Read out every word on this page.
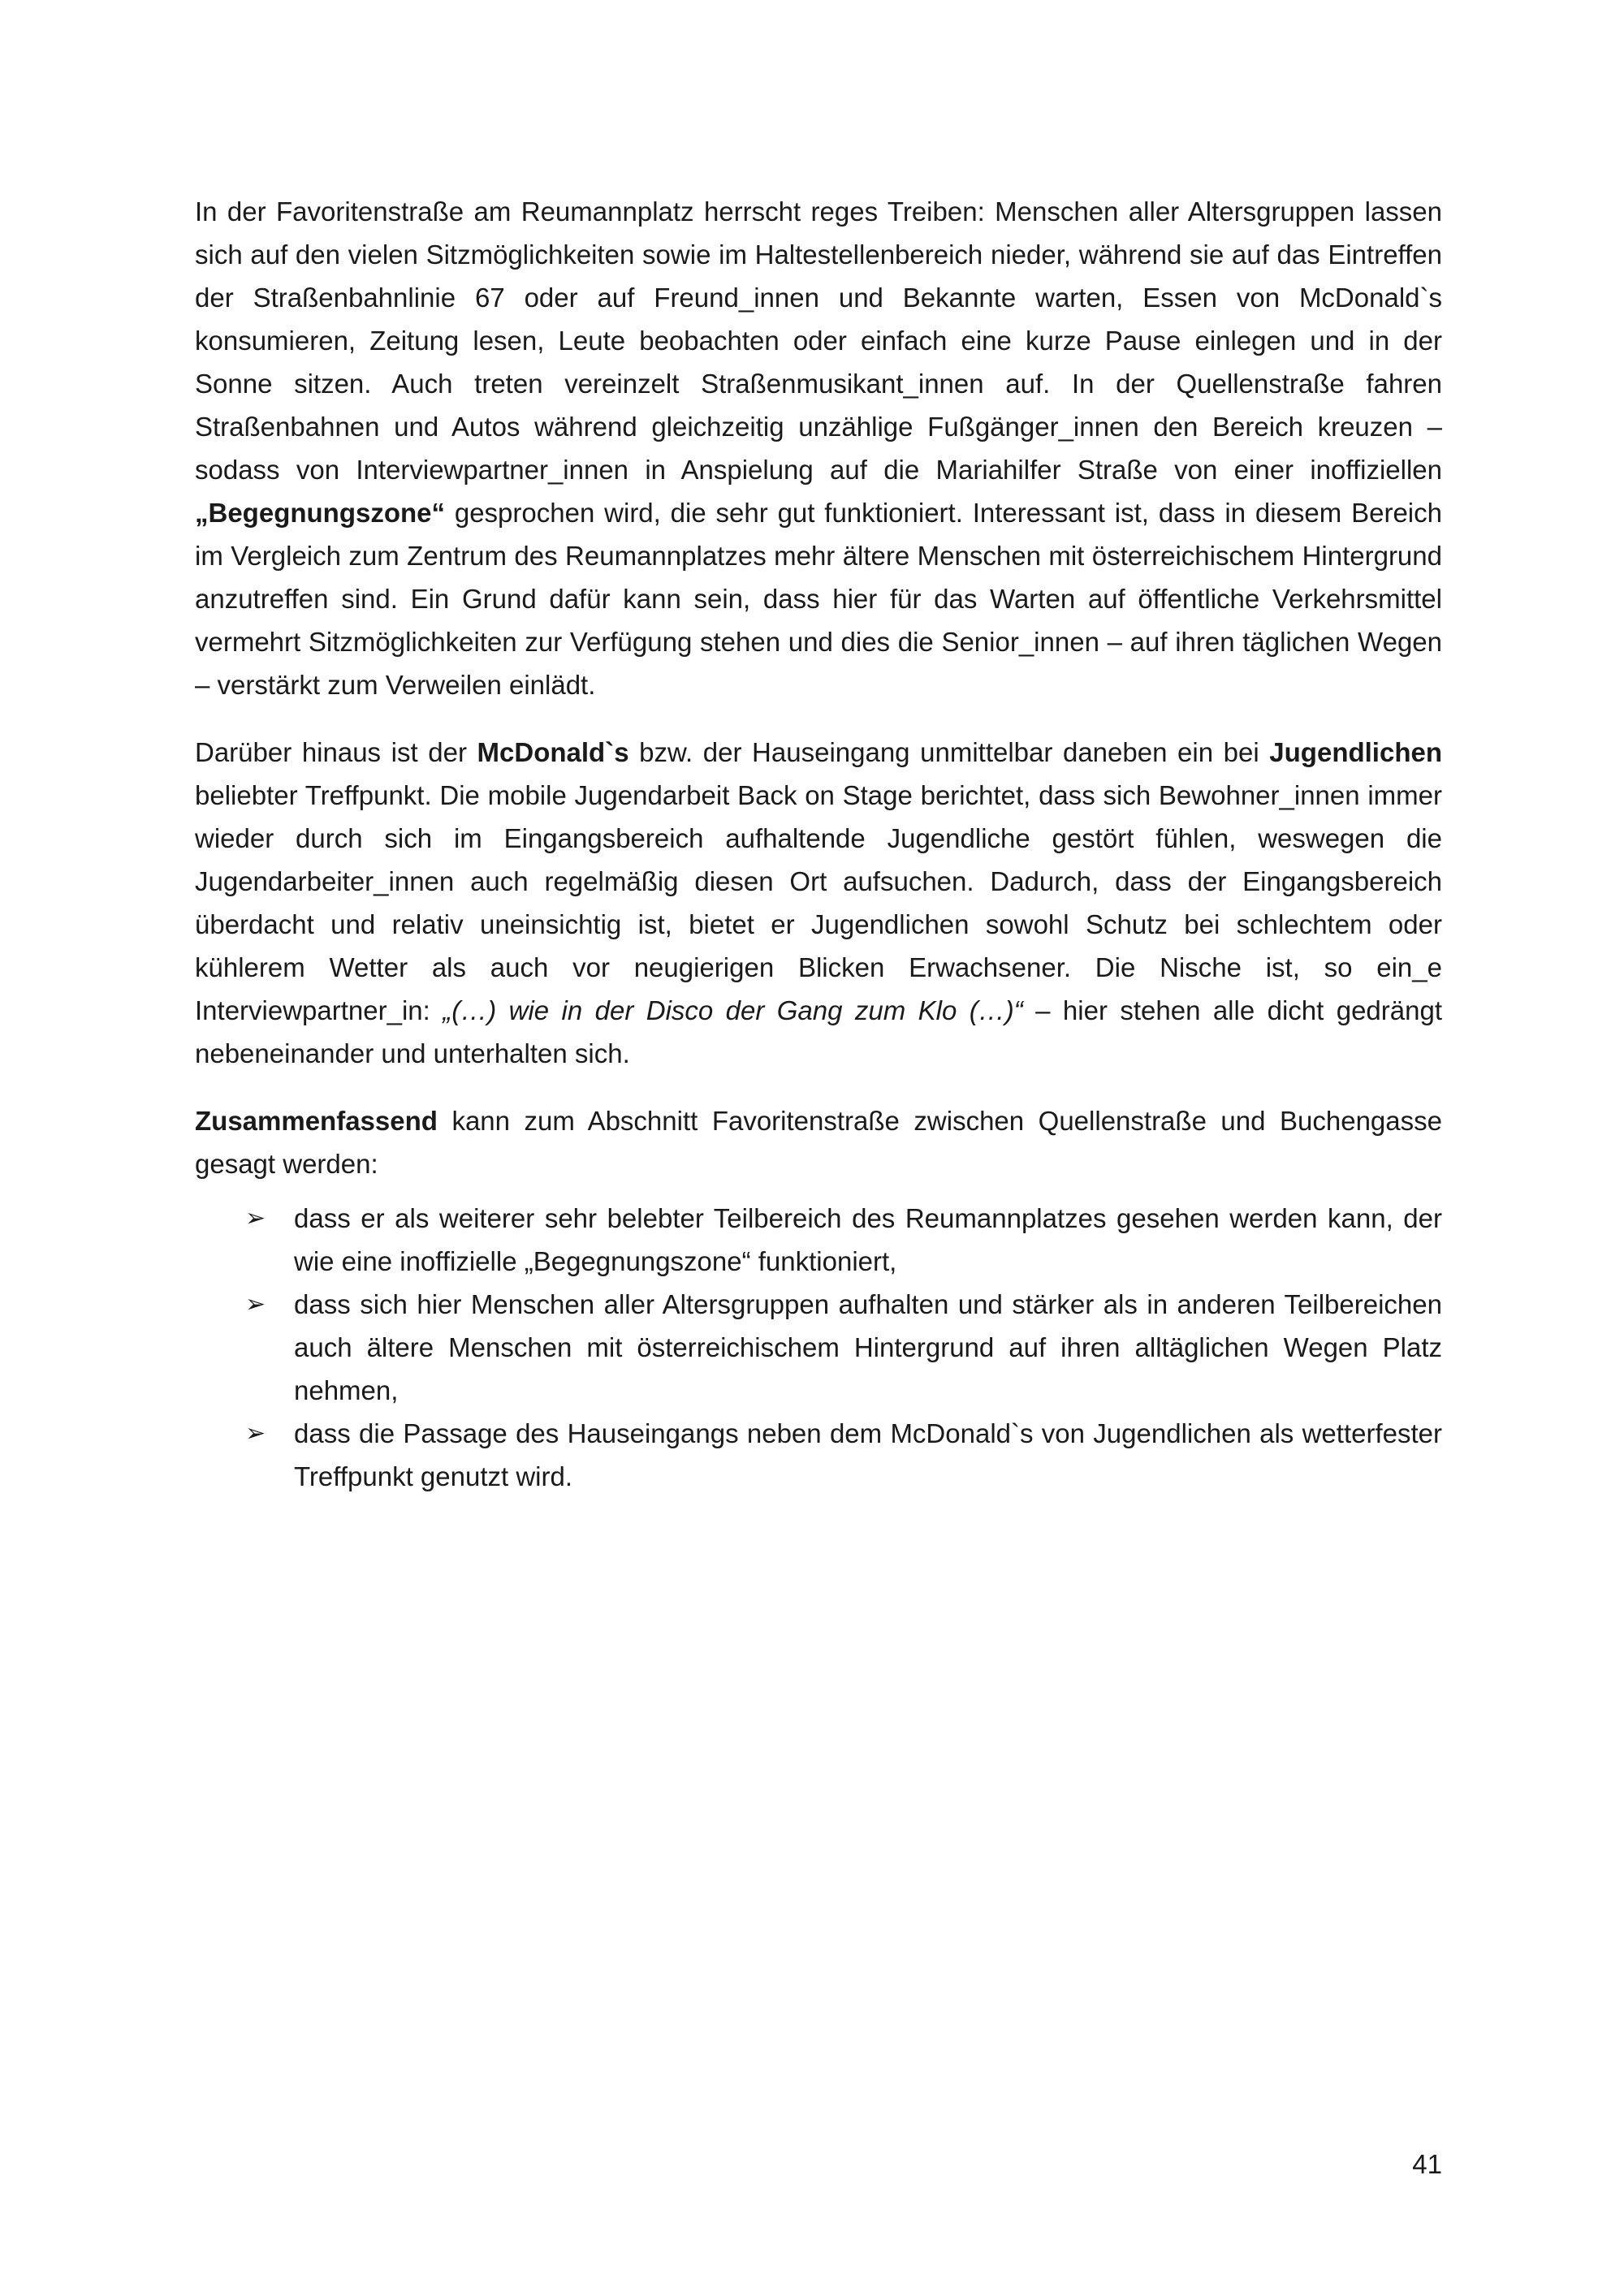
In der Favoritenstraße am Reumannplatz herrscht reges Treiben: Menschen aller Altersgruppen lassen sich auf den vielen Sitzmöglichkeiten sowie im Haltestellenbereich nieder, während sie auf das Eintreffen der Straßenbahnlinie 67 oder auf Freund_innen und Bekannte warten, Essen von McDonald`s konsumieren, Zeitung lesen, Leute beobachten oder einfach eine kurze Pause einlegen und in der Sonne sitzen. Auch treten vereinzelt Straßenmusikant_innen auf. In der Quellenstraße fahren Straßenbahnen und Autos während gleichzeitig unzählige Fußgänger_innen den Bereich kreuzen – sodass von Interviewpartner_innen in Anspielung auf die Mariahilfer Straße von einer inoffiziellen „Begegnungszone“ gesprochen wird, die sehr gut funktioniert. Interessant ist, dass in diesem Bereich im Vergleich zum Zentrum des Reumannplatzes mehr ältere Menschen mit österreichischem Hintergrund anzutreffen sind. Ein Grund dafür kann sein, dass hier für das Warten auf öffentliche Verkehrsmittel vermehrt Sitzmöglichkeiten zur Verfügung stehen und dies die Senior_innen – auf ihren täglichen Wegen – verstärkt zum Verweilen einlädt.

Darüber hinaus ist der McDonald`s bzw. der Hauseingang unmittelbar daneben ein bei Jugendlichen beliebter Treffpunkt. Die mobile Jugendarbeit Back on Stage berichtet, dass sich Bewohner_innen immer wieder durch sich im Eingangsbereich aufhaltende Jugendliche gestört fühlen, weswegen die Jugendarbeiter_innen auch regelmäßig diesen Ort aufsuchen. Dadurch, dass der Eingangsbereich überdacht und relativ uneinsichtig ist, bietet er Jugendlichen sowohl Schutz bei schlechtem oder kühlerem Wetter als auch vor neugierigen Blicken Erwachsener. Die Nische ist, so ein_e Interviewpartner_in: „(…) wie in der Disco der Gang zum Klo (…)“ – hier stehen alle dicht gedrängt nebeneinander und unterhalten sich.

Zusammenfassend kann zum Abschnitt Favoritenstraße zwischen Quellenstraße und Buchengasse gesagt werden:

➢ dass er als weiterer sehr belebter Teilbereich des Reumannplatzes gesehen werden kann, der wie eine inoffizielle „Begegnungszone“ funktioniert,
➢ dass sich hier Menschen aller Altersgruppen aufhalten und stärker als in anderen Teilbereichen auch ältere Menschen mit österreichischem Hintergrund auf ihren alltäglichen Wegen Platz nehmen,
➢ dass die Passage des Hauseingangs neben dem McDonald`s von Jugendlichen als wetterfester Treffpunkt genutzt wird.
41
